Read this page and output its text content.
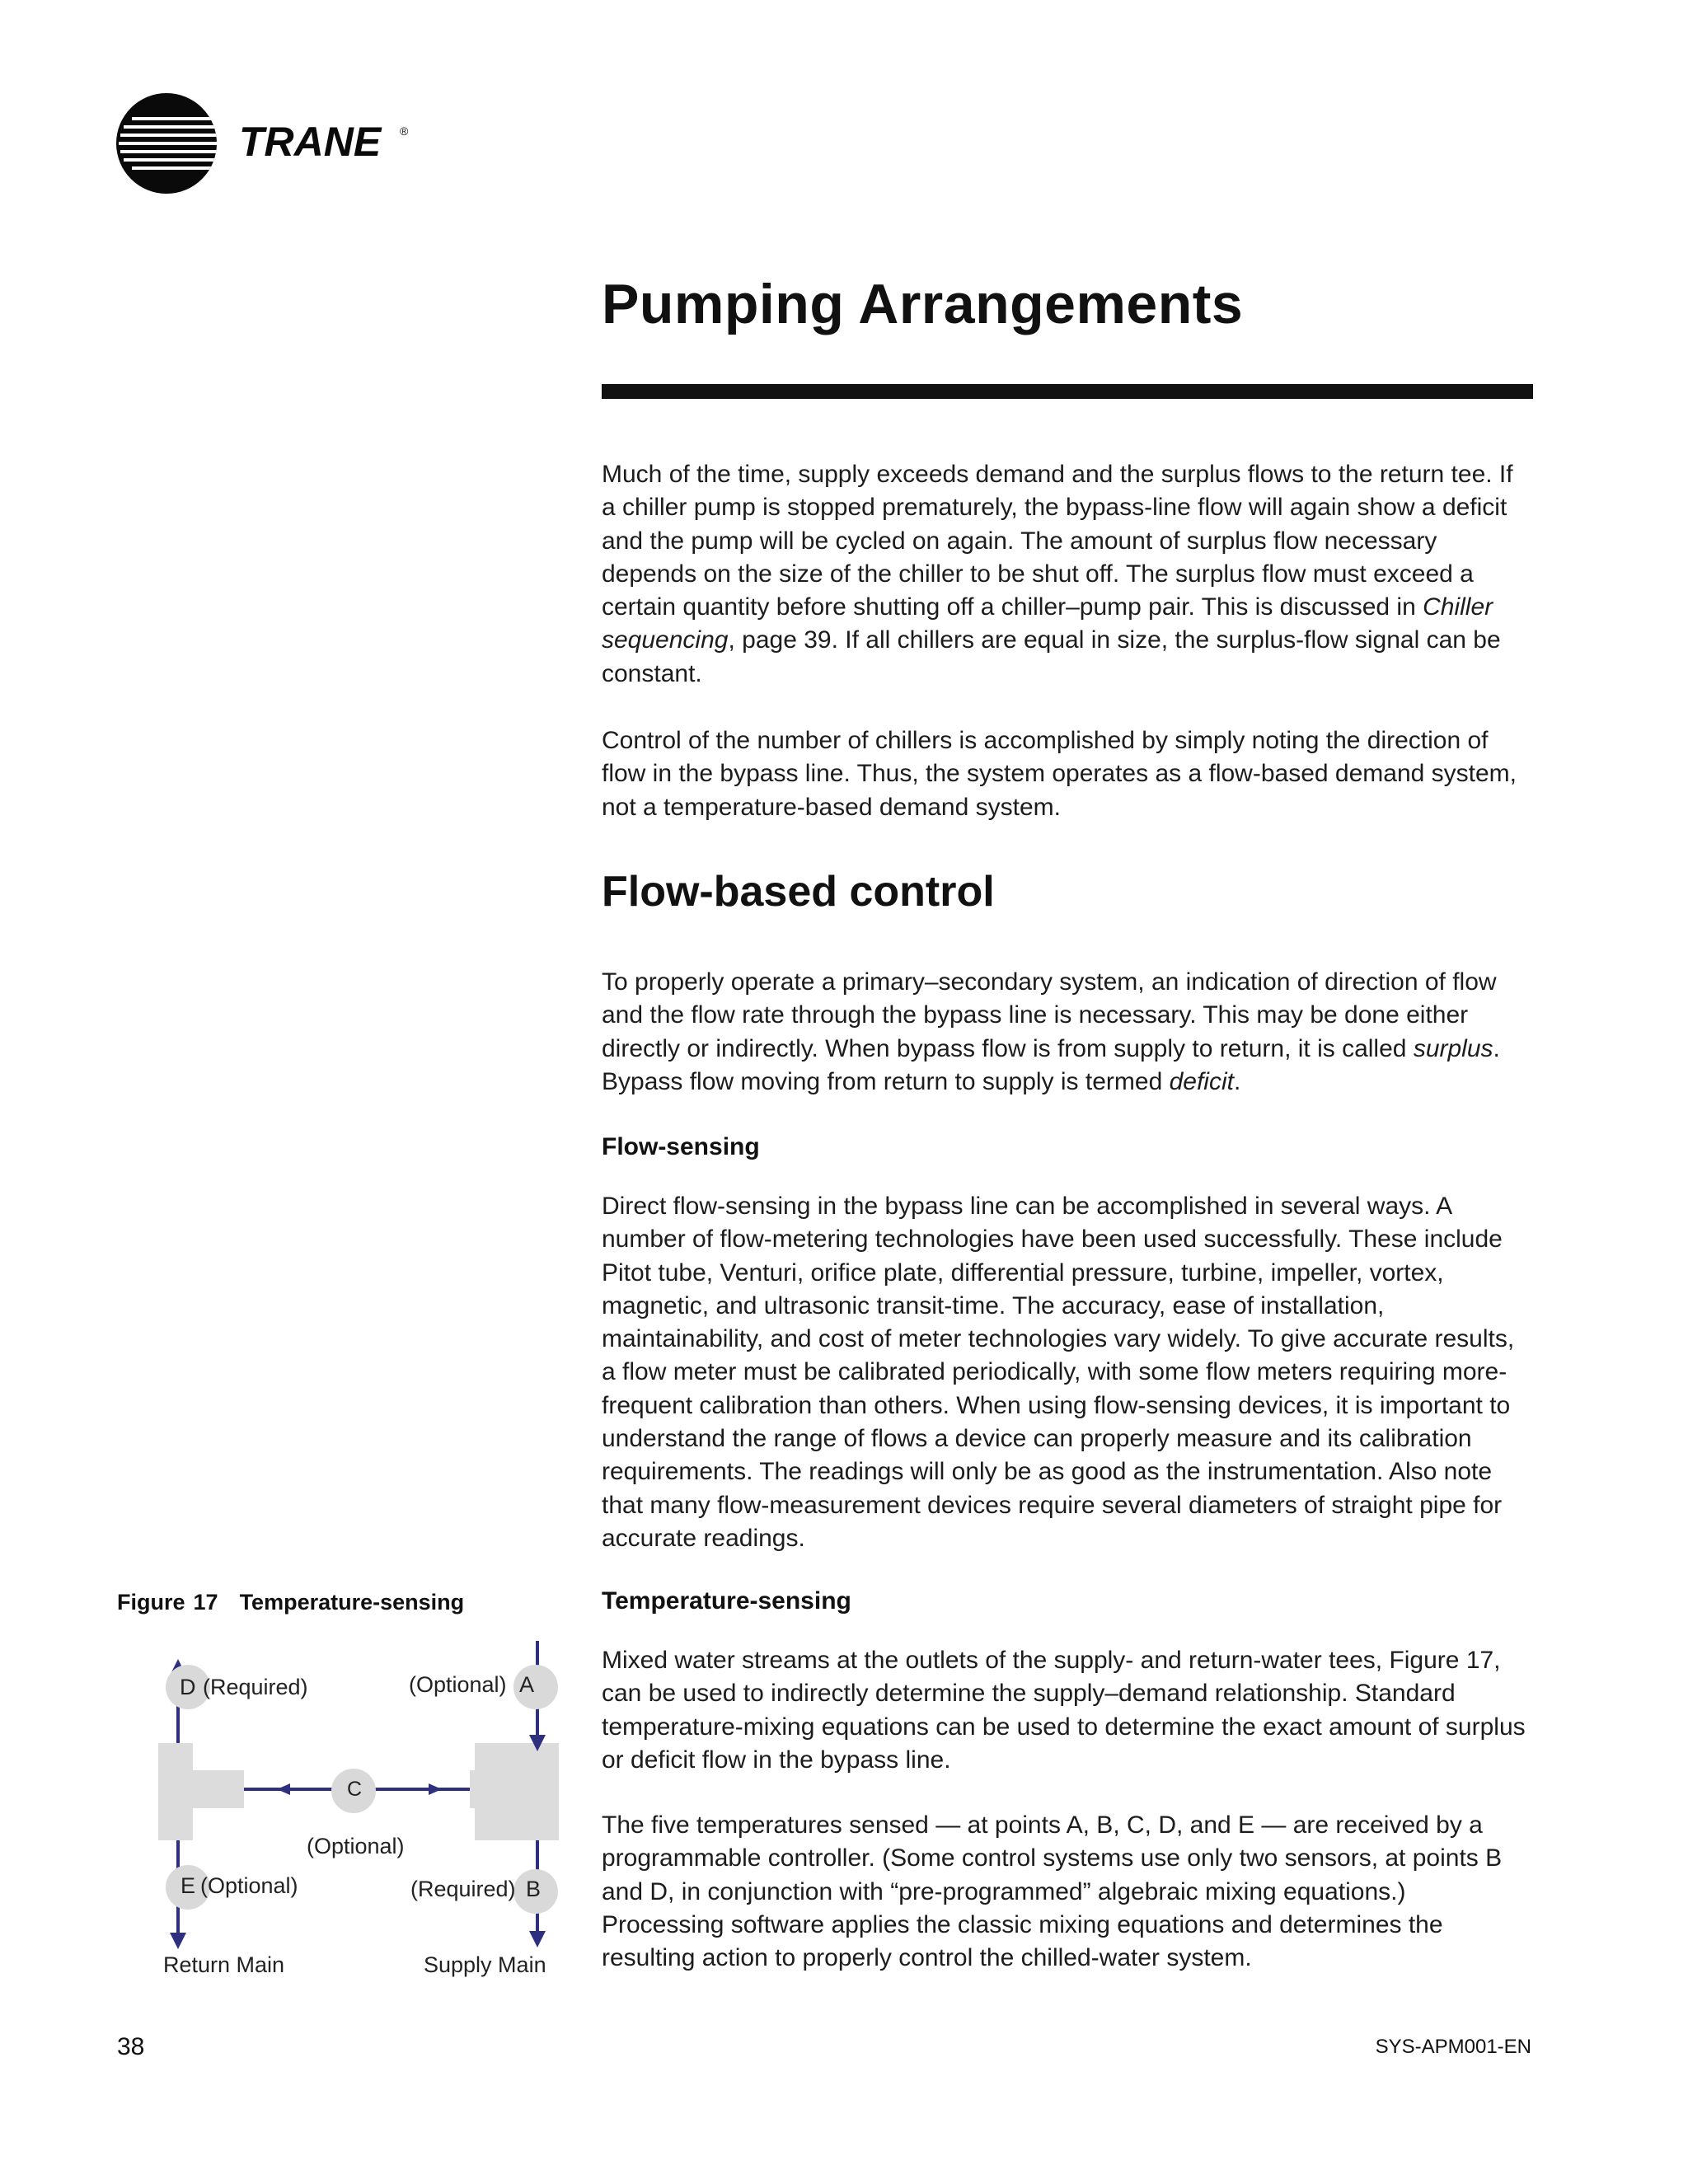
TRANE ®
Pumping Arrangements

Much of the time, supply exceeds demand and the surplus flows to the return tee. If a chiller pump is stopped prematurely, the bypass-line flow will again show a deficit and the pump will be cycled on again. The amount of surplus flow necessary depends on the size of the chiller to be shut off. The surplus flow must exceed a certain quantity before shutting off a chiller–pump pair. This is discussed in Chiller sequencing, page 39. If all chillers are equal in size, the surplus-flow signal can be constant.

Control of the number of chillers is accomplished by simply noting the direction of flow in the bypass line. Thus, the system operates as a flow-based demand system, not a temperature-based demand system.

Flow-based control

To properly operate a primary–secondary system, an indication of direction of flow and the flow rate through the bypass line is necessary. This may be done either directly or indirectly. When bypass flow is from supply to return, it is called surplus. Bypass flow moving from return to supply is termed deficit.

Flow-sensing

Direct flow-sensing in the bypass line can be accomplished in several ways. A number of flow-metering technologies have been used successfully. These include Pitot tube, Venturi, orifice plate, differential pressure, turbine, impeller, vortex, magnetic, and ultrasonic transit-time. The accuracy, ease of installation, maintainability, and cost of meter technologies vary widely. To give accurate results, a flow meter must be calibrated periodically, with some flow meters requiring more-frequent calibration than others. When using flow-sensing devices, it is important to understand the range of flows a device can properly measure and its calibration requirements. The readings will only be as good as the instrumentation. Also note that many flow-measurement devices require several diameters of straight pipe for accurate readings.

Temperature-sensing

Mixed water streams at the outlets of the supply- and return-water tees, Figure 17, can be used to indirectly determine the supply–demand relationship. Standard temperature-mixing equations can be used to determine the exact amount of surplus or deficit flow in the bypass line.

The five temperatures sensed — at points A, B, C, D, and E — are received by a programmable controller. (Some control systems use only two sensors, at points B and D, in conjunction with “pre-programmed” algebraic mixing equations.) Processing software applies the classic mixing equations and determines the resulting action to properly control the chilled-water system.

Figure 17 Temperature-sensing
D (Required)	(Optional) A
C
(Optional)
E (Optional)	(Required) B
Return Main	Supply Main
38	SYS-APM001-EN
